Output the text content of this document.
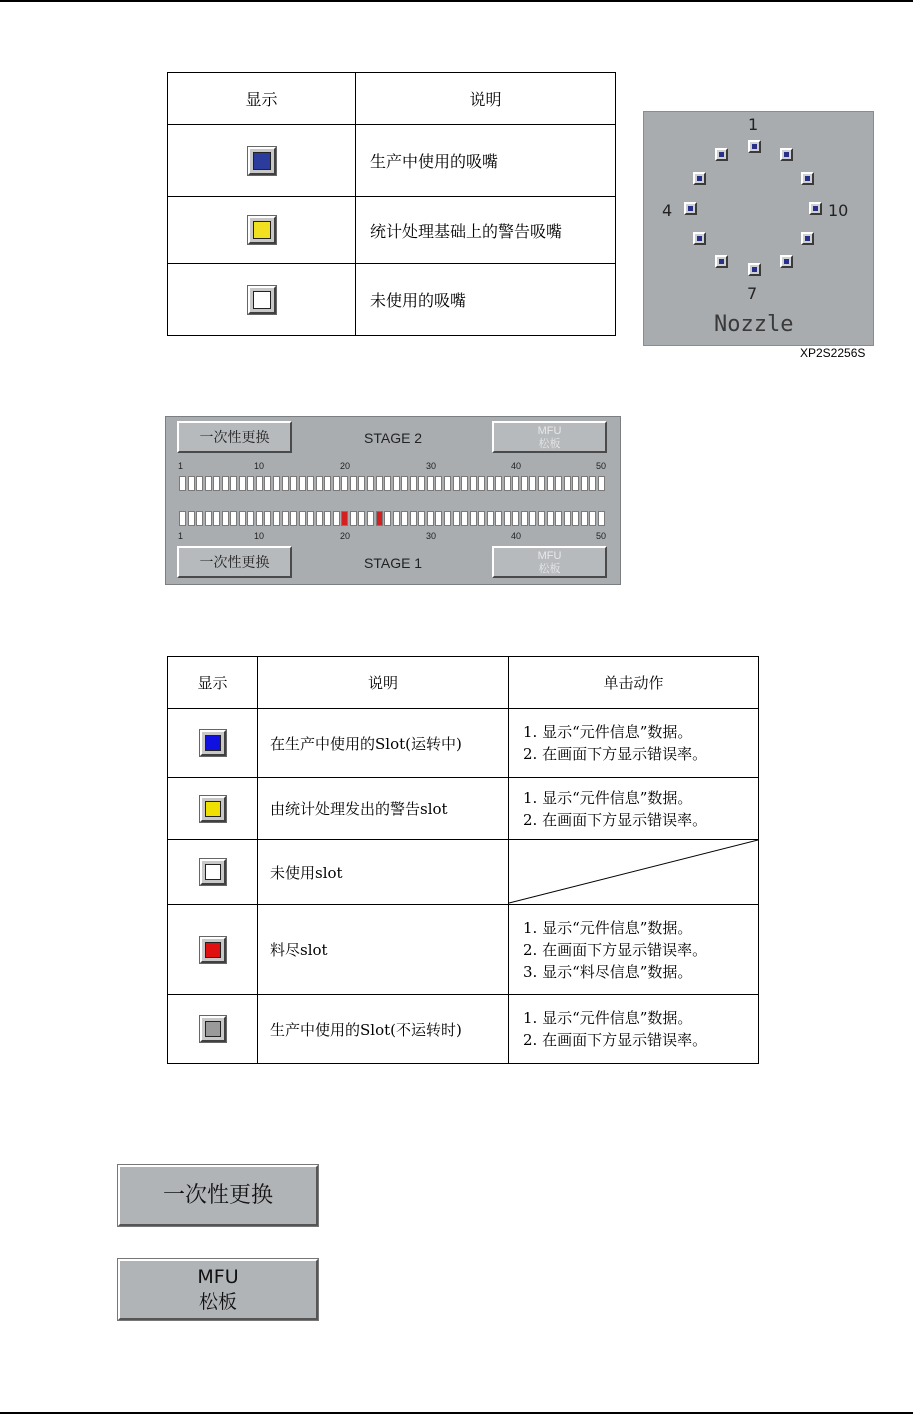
显示	说明

	生产中使用的吸嘴

	统计处理基础上的警告吸嘴

	未使用的吸嘴
1
4	10
7
Nozzle
XP2S2256S
一次性更换	STAGE 2	MFU
松板
1	10	20	30	40	50
1	10	20	30	40	50
一次性更换	STAGE 1	MFU
松板
显示	说明	单击动作

	在生产中使用的Slot(运转中)	1. 显示“元件信息”数据。
2. 在画面下方显示错误率。

	由统计处理发出的警告slot	1. 显示“元件信息”数据。
2. 在画面下方显示错误率。

	未使用slot	

	料尽slot	1. 显示“元件信息”数据。
2. 在画面下方显示错误率。
3. 显示“料尽信息”数据。

	生产中使用的Slot(不运转时)	1. 显示“元件信息”数据。
2. 在画面下方显示错误率。
一次性更换
MFU
松板
